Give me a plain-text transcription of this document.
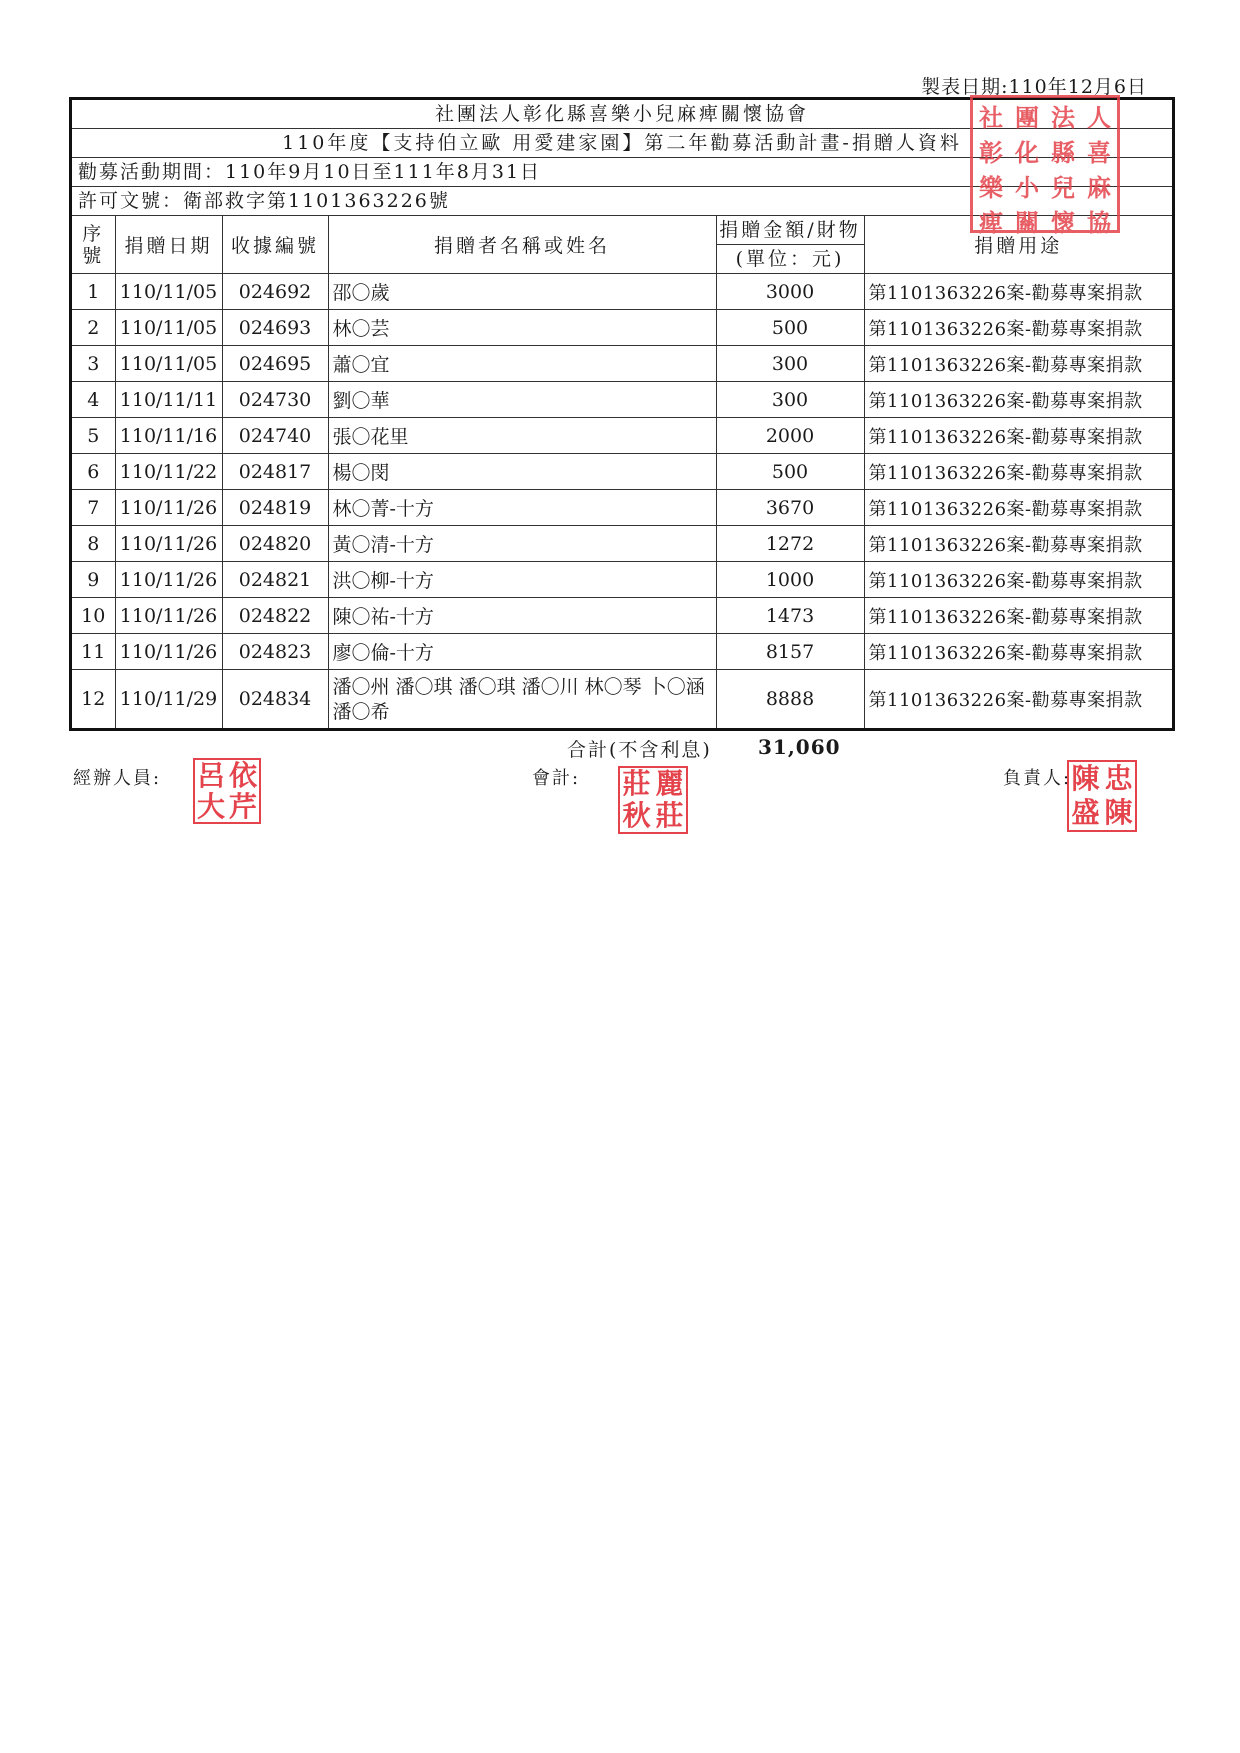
製表日期:110年12月6日
社團法人彰化縣喜樂小兒麻痺關懷協會
110年度【支持伯立歐 用愛建家園】第二年勸募活動計畫-捐贈人資料
勸募活動期間：110年9月10日至111年8月31日
許可文號：衛部救字第1101363226號
序號	捐贈日期	收據編號	捐贈者名稱或姓名	捐贈金額/財物
(單位：元)	捐贈用途
1	110/11/05	024692	邵〇歲	3000	第1101363226案-勸募專案捐款
2	110/11/05	024693	林〇芸	500	第1101363226案-勸募專案捐款
3	110/11/05	024695	蕭〇宜	300	第1101363226案-勸募專案捐款
4	110/11/11	024730	劉〇華	300	第1101363226案-勸募專案捐款
5	110/11/16	024740	張〇花里	2000	第1101363226案-勸募專案捐款
6	110/11/22	024817	楊〇閔	500	第1101363226案-勸募專案捐款
7	110/11/26	024819	林〇菁-十方	3670	第1101363226案-勸募專案捐款
8	110/11/26	024820	黃〇清-十方	1272	第1101363226案-勸募專案捐款
9	110/11/26	024821	洪〇柳-十方	1000	第1101363226案-勸募專案捐款
10	110/11/26	024822	陳〇祐-十方	1473	第1101363226案-勸募專案捐款
11	110/11/26	024823	廖〇倫-十方	8157	第1101363226案-勸募專案捐款
12	110/11/29	024834	潘〇州 潘〇琪 潘〇琪 潘〇川 林〇琴 卜〇涵 潘〇希	8888	第1101363226案-勸募專案捐款
合計(不含利息) 31,060
經辦人員:	會計:	負責人:
社 團 法 人
彰 化 縣 喜
樂 小 兒 麻
痺 關 懷 協
呂 依
大 芹
莊 麗
秋 莊
陳 忠
盛 陳
